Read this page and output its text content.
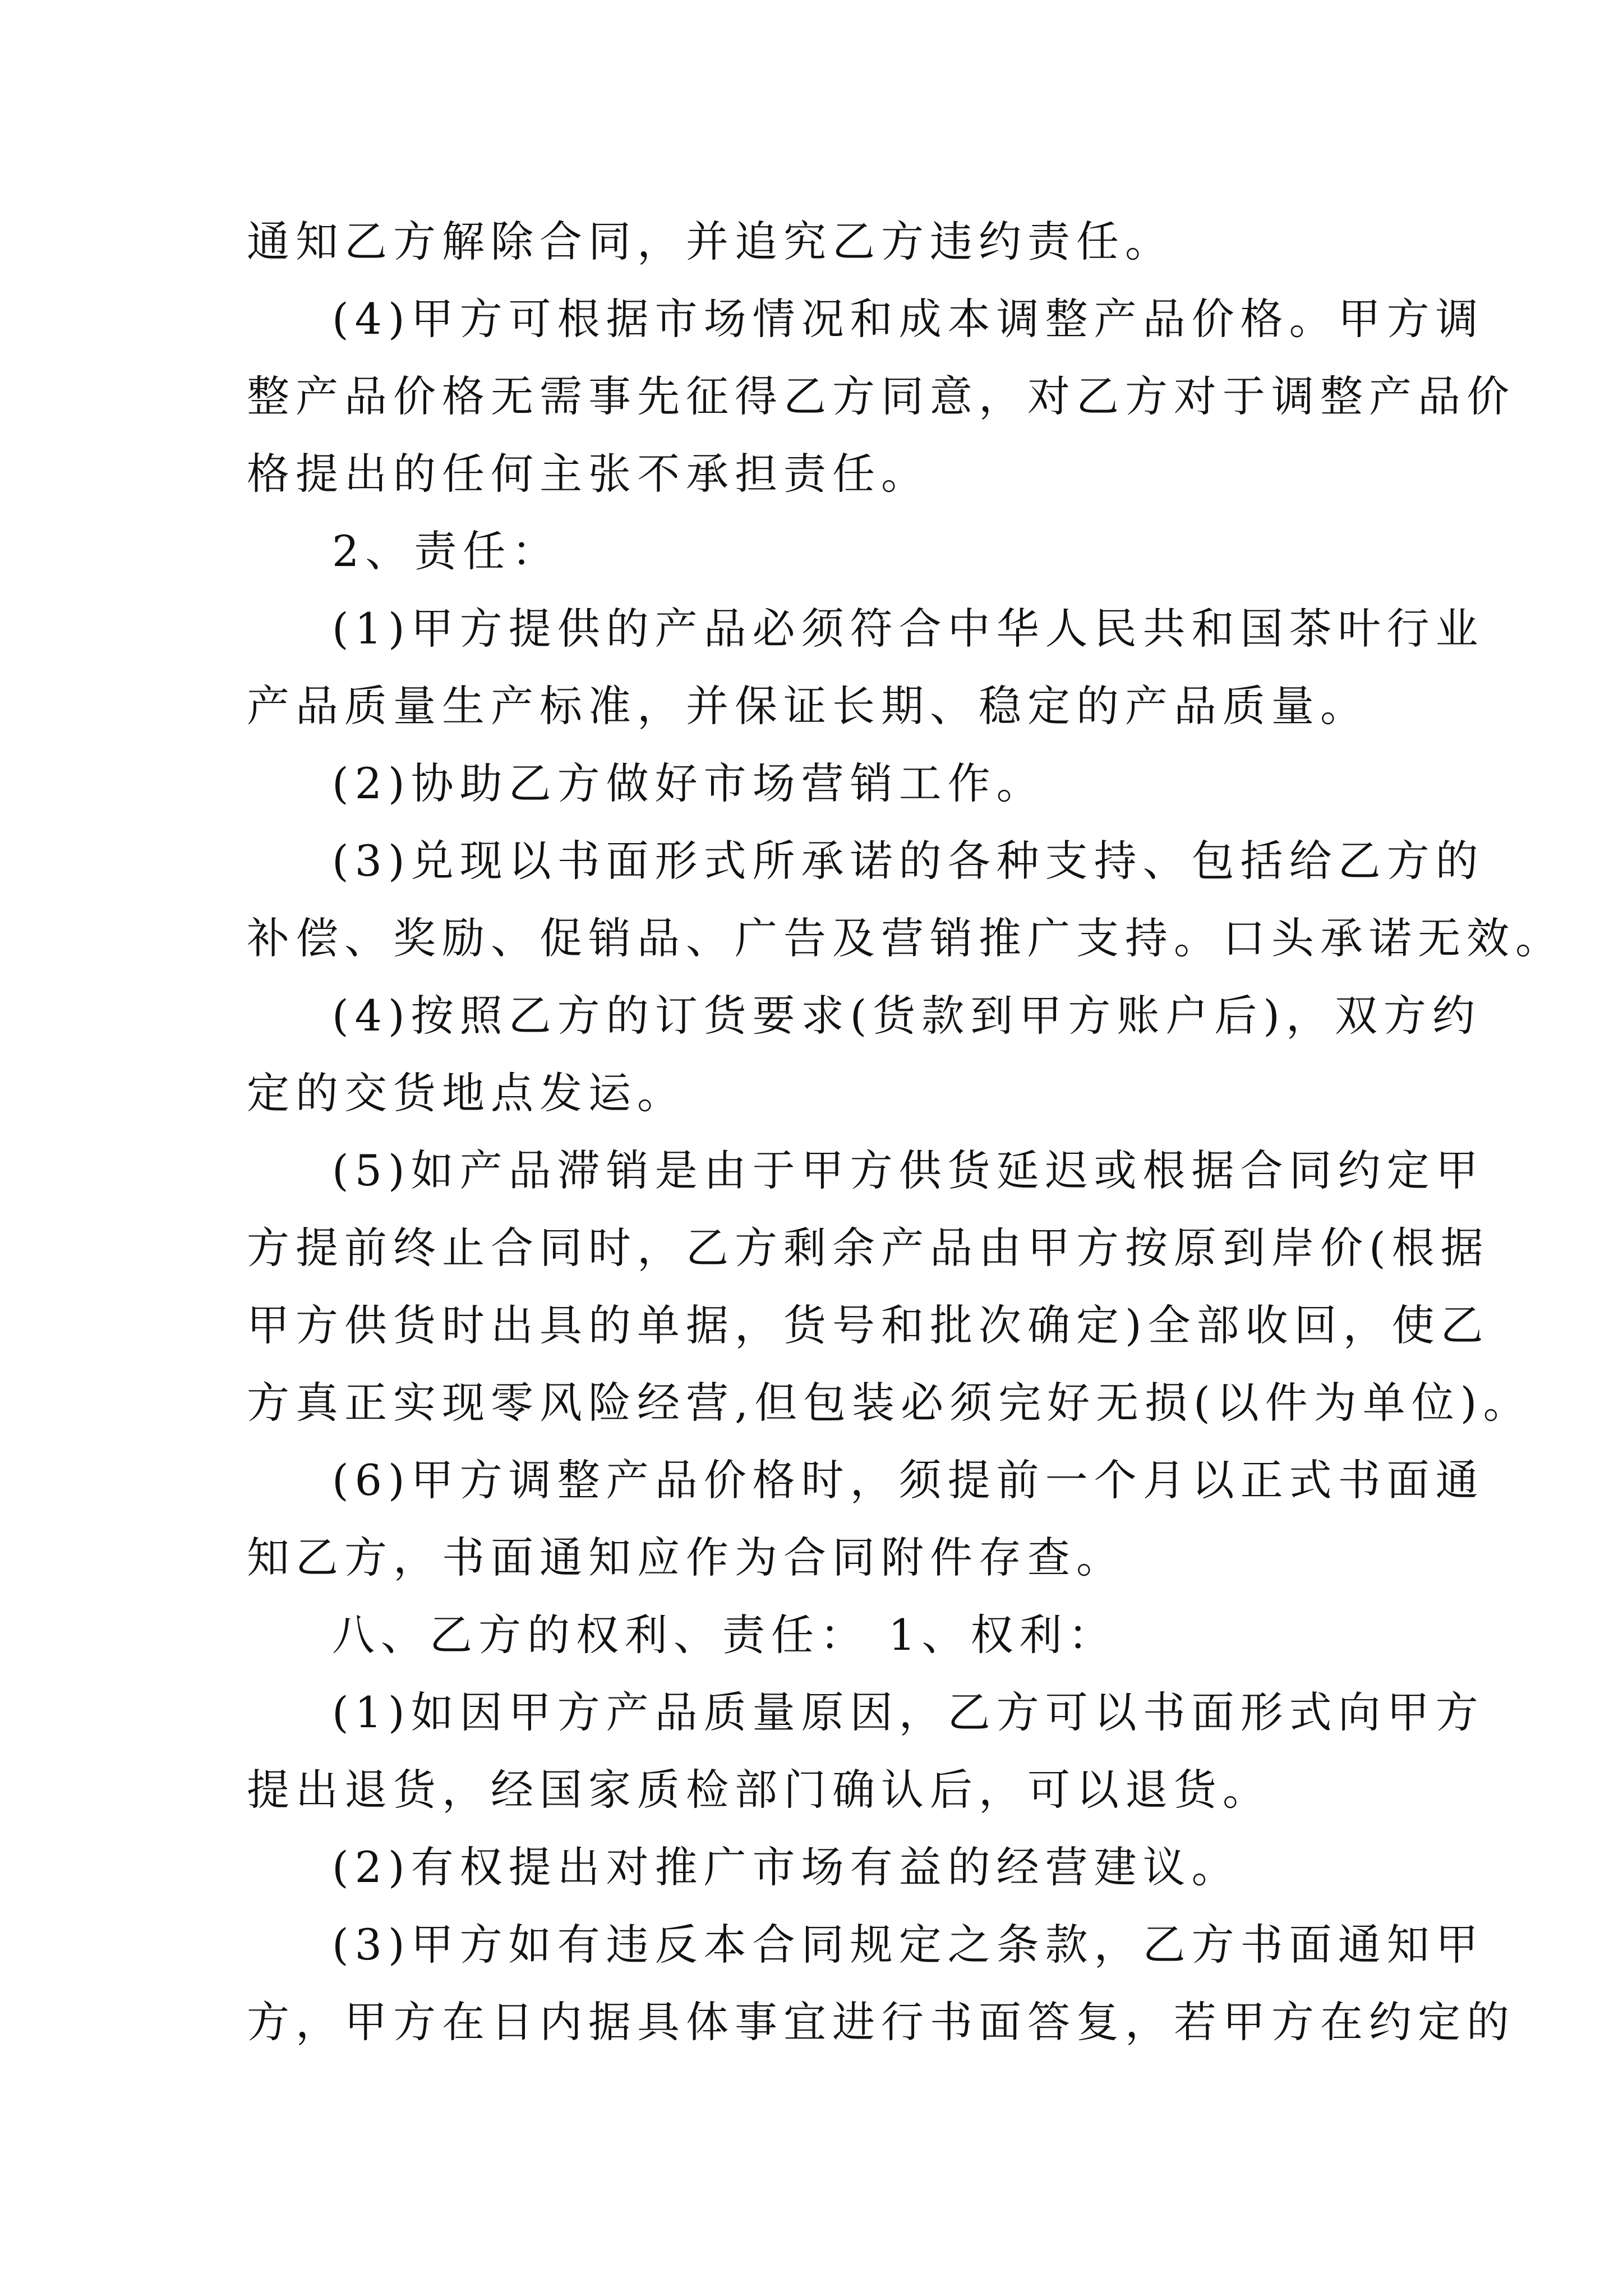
通知乙方解除合同，并追究乙方违约责任。
(4)甲方可根据市场情况和成本调整产品价格。甲方调
整产品价格无需事先征得乙方同意，对乙方对于调整产品价
格提出的任何主张不承担责任。
2、责任：
(1)甲方提供的产品必须符合中华人民共和国茶叶行业
产品质量生产标准，并保证长期、稳定的产品质量。
(2)协助乙方做好市场营销工作。
(3)兑现以书面形式所承诺的各种支持、包括给乙方的
补偿、奖励、促销品、广告及营销推广支持。口头承诺无效。
(4)按照乙方的订货要求(货款到甲方账户后)，双方约
定的交货地点发运。
(5)如产品滞销是由于甲方供货延迟或根据合同约定甲
方提前终止合同时，乙方剩余产品由甲方按原到岸价(根据
甲方供货时出具的单据，货号和批次确定)全部收回，使乙
方真正实现零风险经营,但包装必须完好无损(以件为单位)。
(6)甲方调整产品价格时，须提前一个月以正式书面通
知乙方，书面通知应作为合同附件存查。
八、乙方的权利、责任： 1、权利：
(1)如因甲方产品质量原因，乙方可以书面形式向甲方
提出退货，经国家质检部门确认后，可以退货。
(2)有权提出对推广市场有益的经营建议。
(3)甲方如有违反本合同规定之条款，乙方书面通知甲
方，甲方在日内据具体事宜进行书面答复，若甲方在约定的
